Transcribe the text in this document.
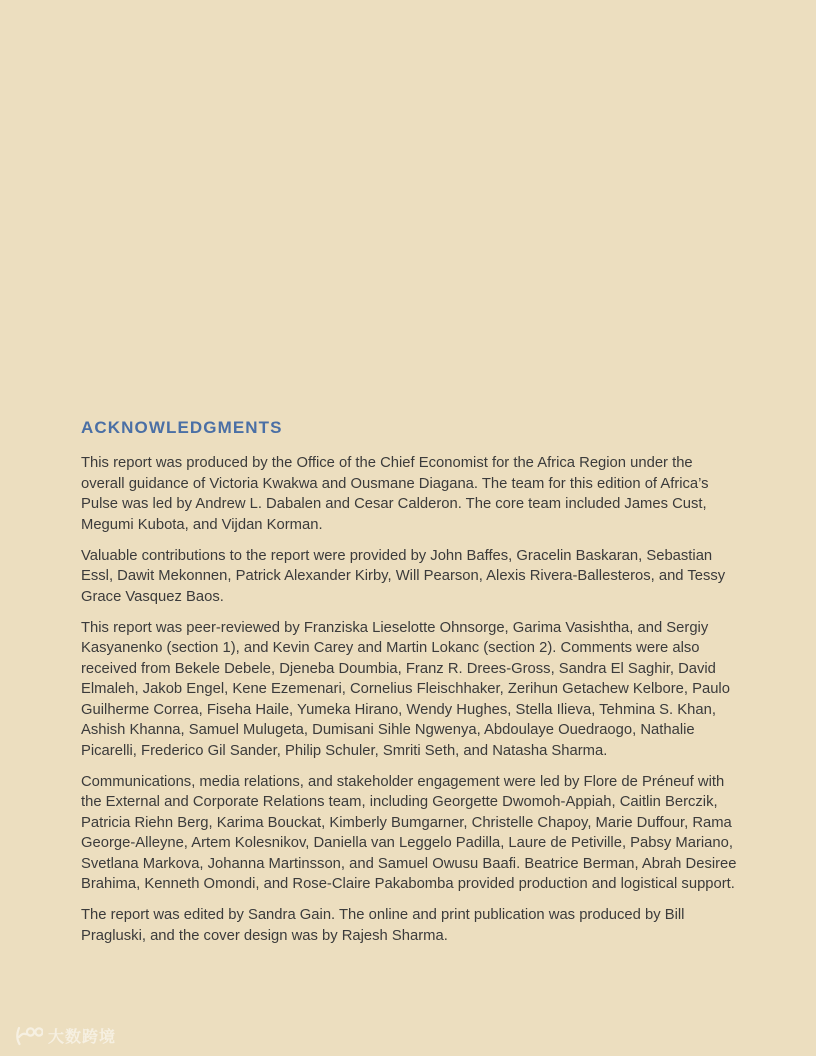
ACKNOWLEDGMENTS

This report was produced by the Office of the Chief Economist for the Africa Region under the overall guidance of Victoria Kwakwa and Ousmane Diagana. The team for this edition of Africa’s Pulse was led by Andrew L. Dabalen and Cesar Calderon. The core team included James Cust, Megumi Kubota, and Vijdan Korman.

Valuable contributions to the report were provided by John Baffes, Gracelin Baskaran, Sebastian Essl, Dawit Mekonnen, Patrick Alexander Kirby, Will Pearson, Alexis Rivera-Ballesteros, and Tessy Grace Vasquez Baos.

This report was peer-reviewed by Franziska Lieselotte Ohnsorge, Garima Vasishtha, and Sergiy Kasyanenko (section 1), and Kevin Carey and Martin Lokanc (section 2). Comments were also received from Bekele Debele, Djeneba Doumbia, Franz R. Drees-Gross, Sandra El Saghir, David Elmaleh, Jakob Engel, Kene Ezemenari, Cornelius Fleischhaker, Zerihun Getachew Kelbore, Paulo Guilherme Correa, Fiseha Haile, Yumeka Hirano, Wendy Hughes, Stella Ilieva, Tehmina S. Khan, Ashish Khanna, Samuel Mulugeta, Dumisani Sihle Ngwenya, Abdoulaye Ouedraogo, Nathalie Picarelli, Frederico Gil Sander, Philip Schuler, Smriti Seth, and Natasha Sharma.

Communications, media relations, and stakeholder engagement were led by Flore de Préneuf with the External and Corporate Relations team, including Georgette Dwomoh-Appiah, Caitlin Berczik, Patricia Riehn Berg, Karima Bouckat, Kimberly Bumgarner, Christelle Chapoy, Marie Duffour, Rama George-Alleyne, Artem Kolesnikov, Daniella van Leggelo Padilla, Laure de Petiville, Pabsy Mariano, Svetlana Markova, Johanna Martinsson, and Samuel Owusu Baafi. Beatrice Berman, Abrah Desiree Brahima, Kenneth Omondi, and Rose-Claire Pakabomba provided production and logistical support.

The report was edited by Sandra Gain. The online and print publication was produced by Bill Pragluski, and the cover design was by Rajesh Sharma.

大数跨境
